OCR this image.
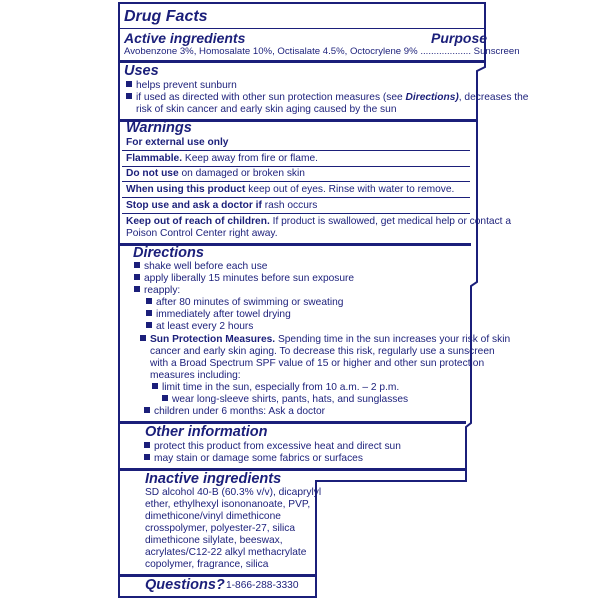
Drug Facts
Active ingredients	Purpose
Avobenzone 3%, Homosalate 10%, Octisalate 4.5%, Octocrylene 9% ................... Sunscreen
Uses
helps prevent sunburn
if used as directed with other sun protection measures (see Directions), decreases the
risk of skin cancer and early skin aging caused by the sun
Warnings
For external use only
Flammable. Keep away from fire or flame.
Do not use on damaged or broken skin
When using this product keep out of eyes. Rinse with water to remove.
Stop use and ask a doctor if rash occurs
Keep out of reach of children. If product is swallowed, get medical help or contact a
Poison Control Center right away.
Directions
shake well before each use
apply liberally 15 minutes before sun exposure
reapply:
after 80 minutes of swimming or sweating
immediately after towel drying
at least every 2 hours
Sun Protection Measures. Spending time in the sun increases your risk of skin
cancer and early skin aging. To decrease this risk, regularly use a sunscreen
with a Broad Spectrum SPF value of 15 or higher and other sun protection
measures including:
limit time in the sun, especially from 10 a.m. – 2 p.m.
wear long-sleeve shirts, pants, hats, and sunglasses
children under 6 months: Ask a doctor
Other information
protect this product from excessive heat and direct sun
may stain or damage some fabrics or surfaces
Inactive ingredients
SD alcohol 40-B (60.3% v/v), dicaprylyl
ether, ethylhexyl isononanoate, PVP,
dimethicone/vinyl dimethicone
crosspolymer, polyester-27, silica
dimethicone silylate, beeswax,
acrylates/C12-22 alkyl methacrylate
copolymer, fragrance, silica
Questions? 1-866-288-3330
